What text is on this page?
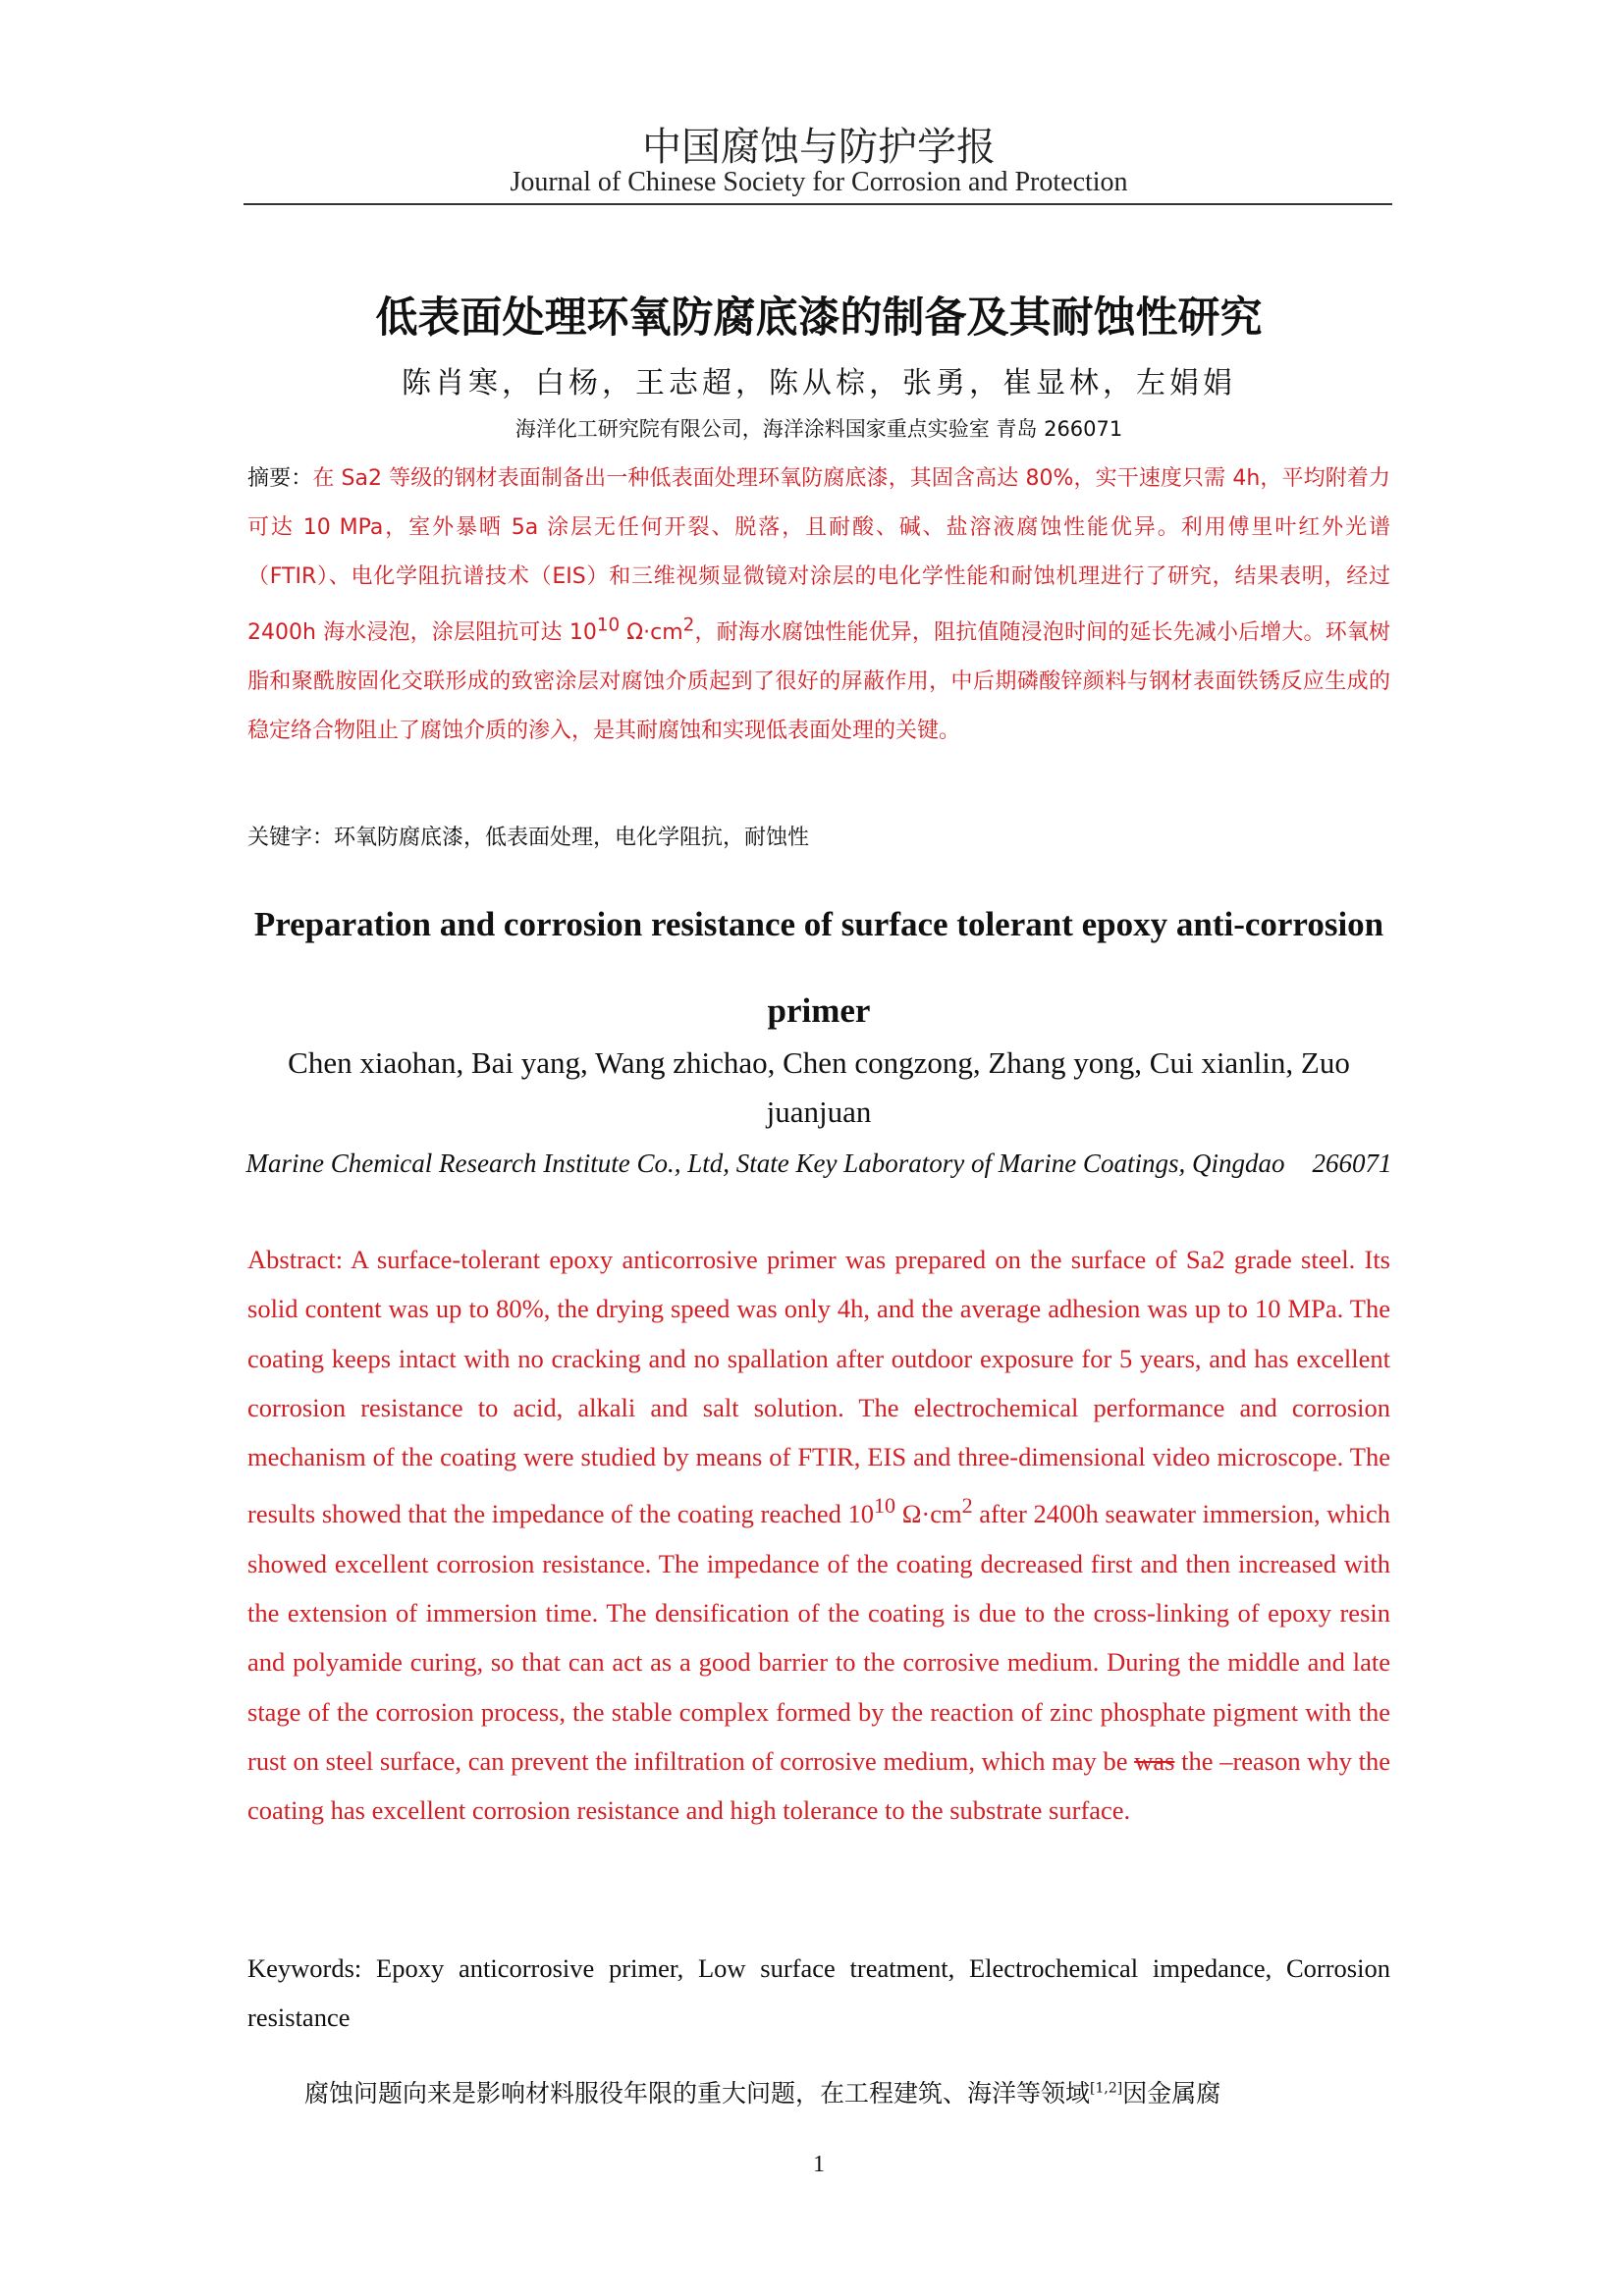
中国腐蚀与防护学报
Journal of Chinese Society for Corrosion and Protection
低表面处理环氧防腐底漆的制备及其耐蚀性研究
陈肖寒，白杨，王志超，陈从棕，张勇，崔显林，左娟娟
海洋化工研究院有限公司，海洋涂料国家重点实验室 青岛 266071
摘要：在 Sa2 等级的钢材表面制备出一种低表面处理环氧防腐底漆，其固含高达 80%，实干速度只需 4h，平均附着力可达 10 MPa，室外暴晒 5a 涂层无任何开裂、脱落，且耐酸、碱、盐溶液腐蚀性能优异。利用傅里叶红外光谱（FTIR）、电化学阻抗谱技术（EIS）和三维视频显微镜对涂层的电化学性能和耐蚀机理进行了研究，结果表明，经过 2400h 海水浸泡，涂层阻抗可达 $10^{10}$ $\Omega\cdot cm^2$，耐海水腐蚀性能优异，阻抗值随浸泡时间的延长先减小后增大。环氧树脂和聚酰胺固化交联形成的致密涂层对腐蚀介质起到了很好的屏蔽作用，中后期磷酸锌颜料与钢材表面铁锈反应生成的稳定络合物阻止了腐蚀介质的渗入，是其耐腐蚀和实现低表面处理的关键。
关键字：环氧防腐底漆，低表面处理，电化学阻抗，耐蚀性
Preparation and corrosion resistance of surface tolerant epoxy anti-corrosion primer
Chen xiaohan, Bai yang, Wang zhichao, Chen congzong, Zhang yong, Cui xianlin, Zuo juanjuan
Marine Chemical Research Institute Co., Ltd, State Key Laboratory of Marine Coatings, Qingdao 266071
Abstract: A surface-tolerant epoxy anticorrosive primer was prepared on the surface of Sa2 grade steel. Its solid content was up to 80%, the drying speed was only 4h, and the average adhesion was up to 10 MPa. The coating keeps intact with no cracking and no spallation after outdoor exposure for 5 years, and has excellent corrosion resistance to acid, alkali and salt solution. The electrochemical performance and corrosion mechanism of the coating were studied by means of FTIR, EIS and three-dimensional video microscope. The results showed that the impedance of the coating reached $10^{10}$ $\Omega\cdot cm^2$ after 2400h seawater immersion, which showed excellent corrosion resistance. The impedance of the coating decreased first and then increased with the extension of immersion time. The densification of the coating is due to the cross-linking of epoxy resin and polyamide curing, so that can act as a good barrier to the corrosive medium. During the middle and late stage of the corrosion process, the stable complex formed by the reaction of zinc phosphate pigment with the rust on steel surface, can prevent the infiltration of corrosive medium, which may be was the –reason why the coating has excellent corrosion resistance and high tolerance to the substrate surface.
Keywords: Epoxy anticorrosive primer, Low surface treatment, Electrochemical impedance, Corrosion resistance
腐蚀问题向来是影响材料服役年限的重大问题，在工程建筑、海洋等领域[1,2]因金属腐
1
